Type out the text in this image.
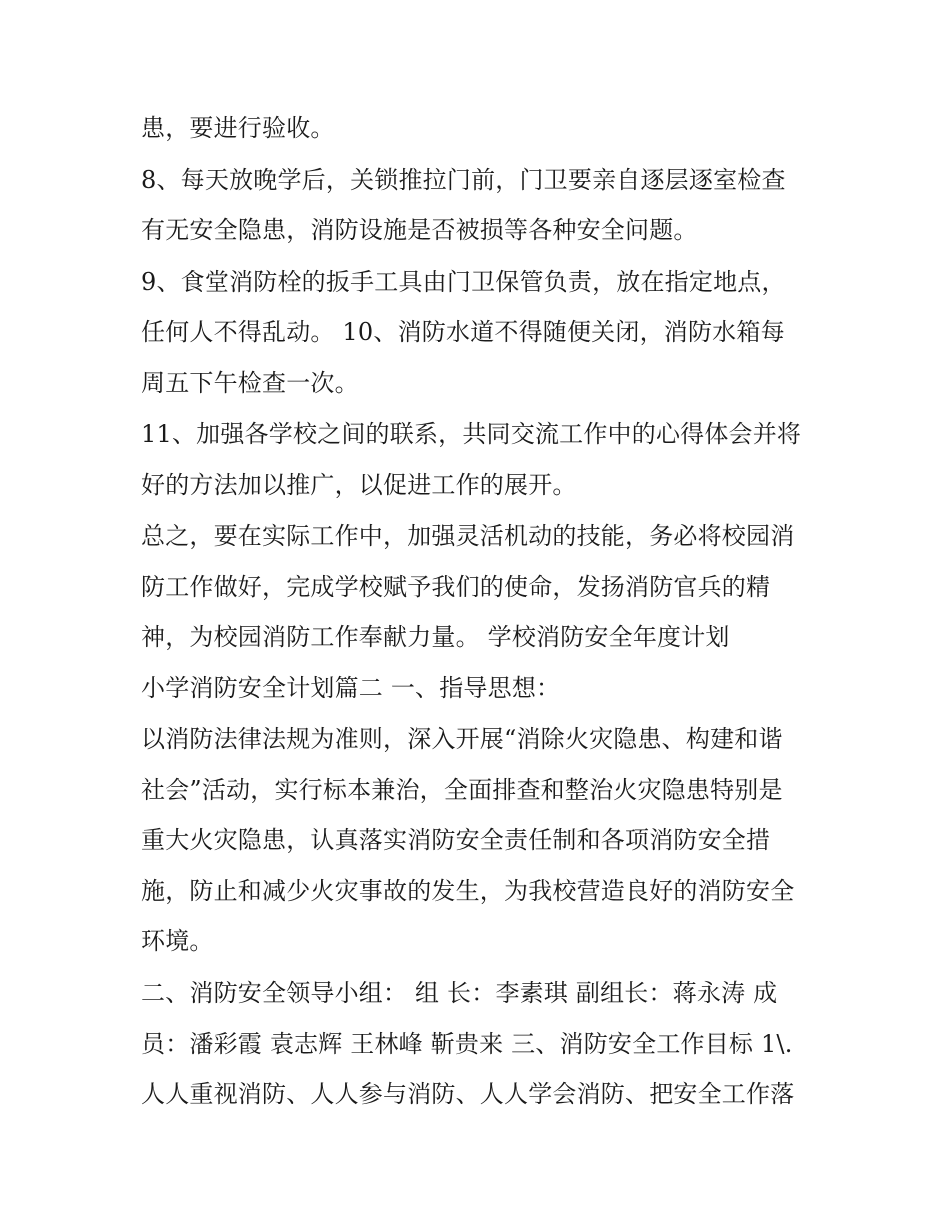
患，要进行验收。
8、每天放晚学后，关锁推拉门前，门卫要亲自逐层逐室检查
有无安全隐患，消防设施是否被损等各种安全问题。
9、食堂消防栓的扳手工具由门卫保管负责，放在指定地点，
任何人不得乱动。 10、消防水道不得随便关闭，消防水箱每
周五下午检查一次。
11、加强各学校之间的联系，共同交流工作中的心得体会并将
好的方法加以推广，以促进工作的展开。
总之，要在实际工作中，加强灵活机动的技能，务必将校园消
防工作做好，完成学校赋予我们的使命，发扬消防官兵的精
神，为校园消防工作奉献力量。 学校消防安全年度计划
小学消防安全计划篇二 一、指导思想：
以消防法律法规为准则，深入开展“消除火灾隐患、构建和谐
社会”活动，实行标本兼治，全面排查和整治火灾隐患特别是
重大火灾隐患，认真落实消防安全责任制和各项消防安全措
施，防止和减少火灾事故的发生，为我校营造良好的消防安全
环境。
二、消防安全领导小组： 组 长：李素琪 副组长：蒋永涛 成
员：潘彩霞 袁志辉 王林峰 靳贵来 三、消防安全工作目标 1\.
人人重视消防、人人参与消防、人人学会消防、把安全工作落
